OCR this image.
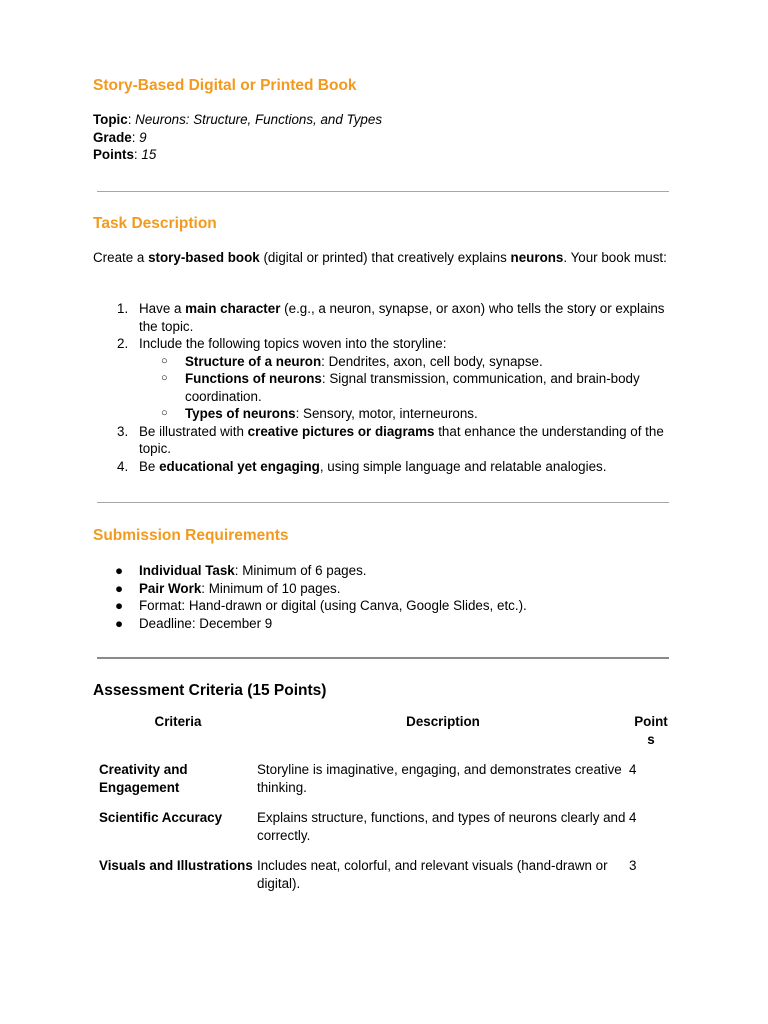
Story-Based Digital or Printed Book
Topic: Neurons: Structure, Functions, and Types
Grade: 9
Points: 15
Task Description
Create a story-based book (digital or printed) that creatively explains neurons. Your book must:
1. Have a main character (e.g., a neuron, synapse, or axon) who tells the story or explains the topic.
2. Include the following topics woven into the storyline:
○ Structure of a neuron: Dendrites, axon, cell body, synapse.
○ Functions of neurons: Signal transmission, communication, and brain-body coordination.
○ Types of neurons: Sensory, motor, interneurons.
3. Be illustrated with creative pictures or diagrams that enhance the understanding of the topic.
4. Be educational yet engaging, using simple language and relatable analogies.
Submission Requirements
● Individual Task: Minimum of 6 pages.
● Pair Work: Minimum of 10 pages.
● Format: Hand-drawn or digital (using Canva, Google Slides, etc.).
● Deadline: December 9
Assessment Criteria (15 Points)
Criteria	Description	Point s
Creativity and Engagement	Storyline is imaginative, engaging, and demonstrates creative thinking.	4
Scientific Accuracy	Explains structure, functions, and types of neurons clearly and correctly.	4
Visuals and Illustrations	Includes neat, colorful, and relevant visuals (hand-drawn or digital).	3
